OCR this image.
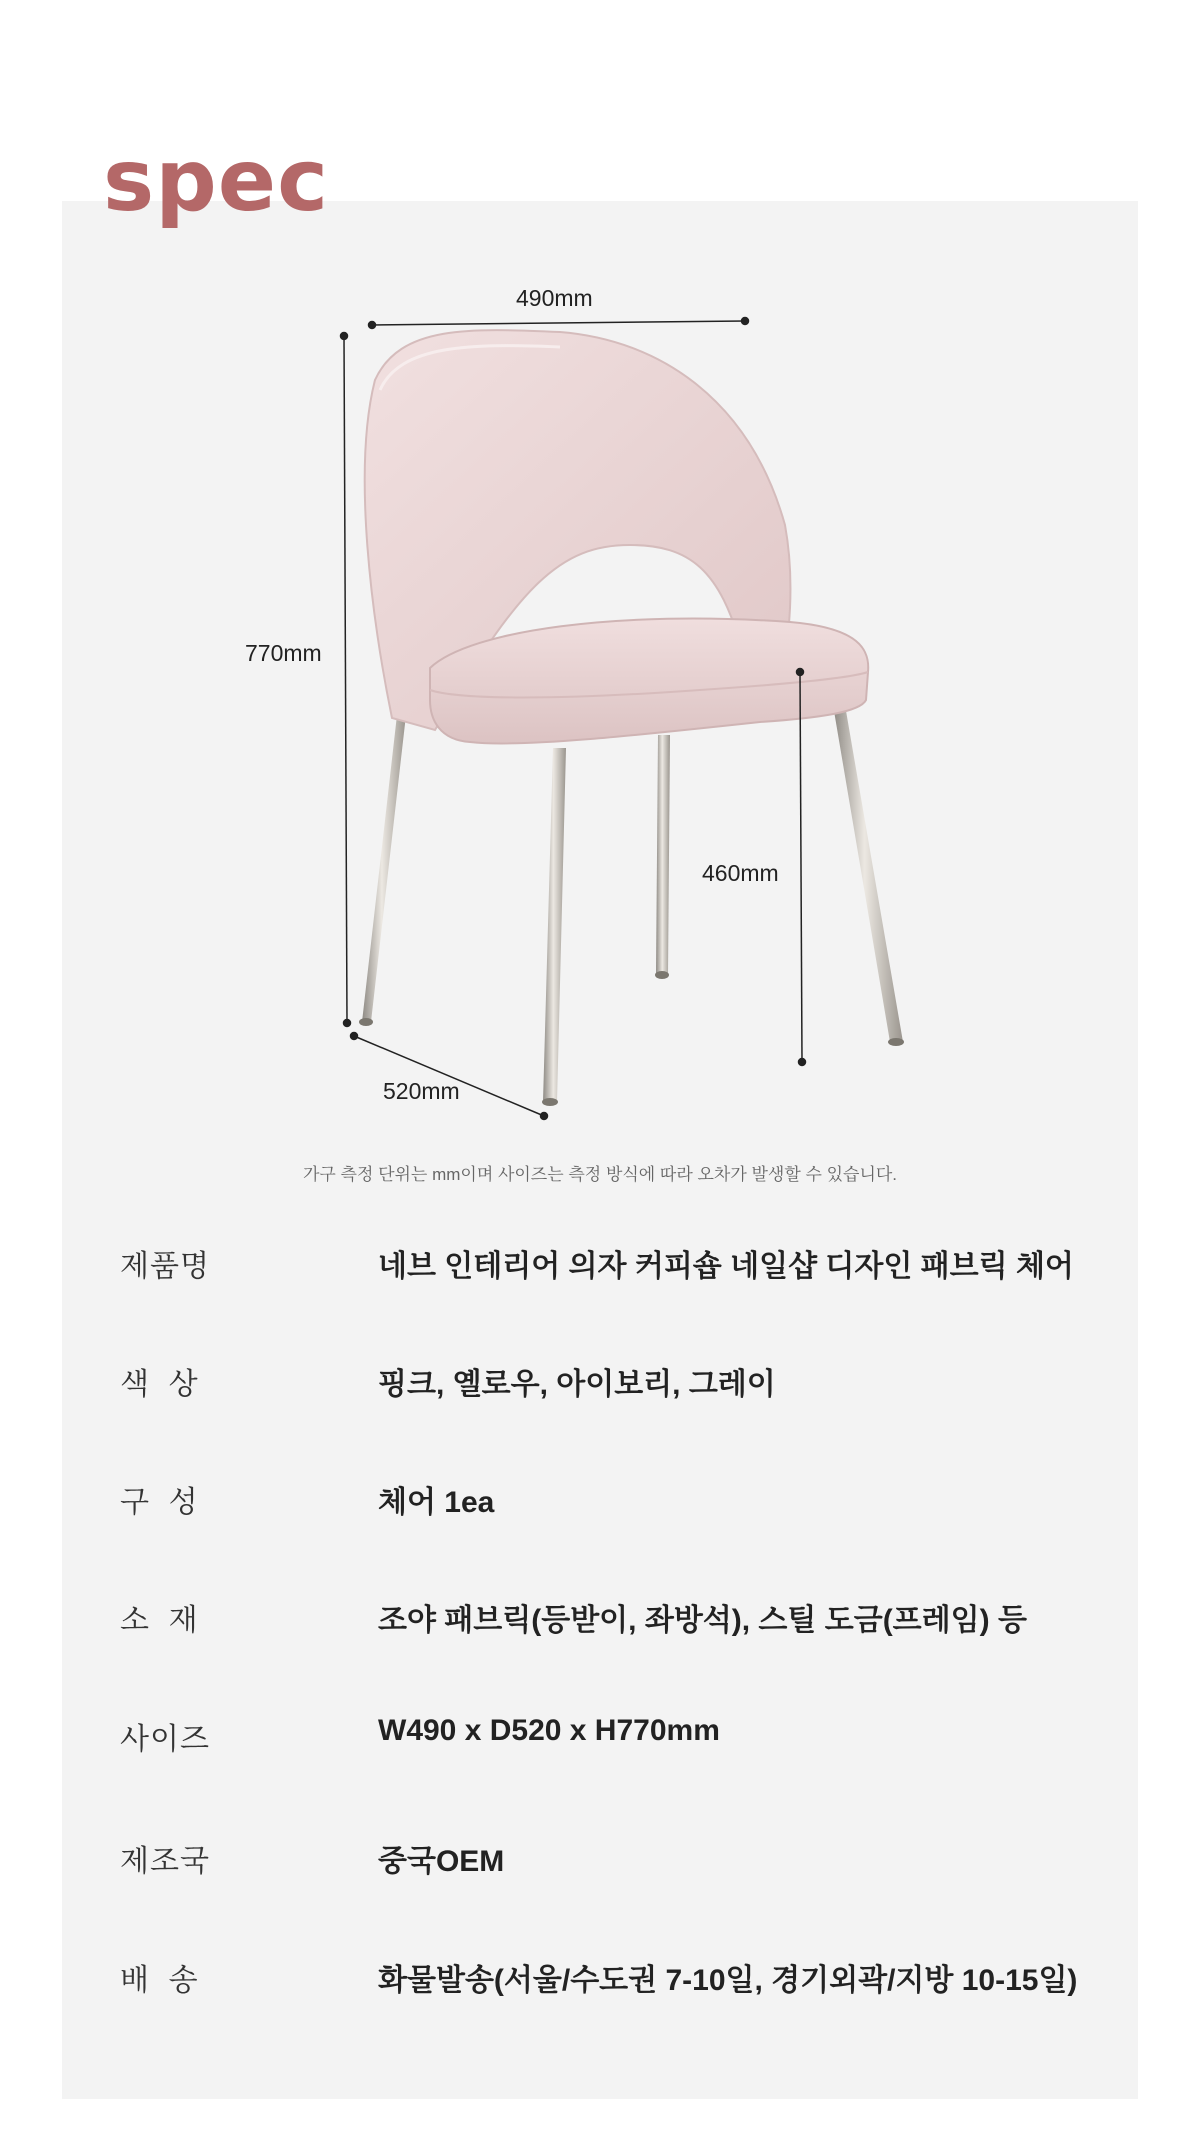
spec
490mm
770mm
460mm
520mm
가구 측정 단위는 mm이며 사이즈는 측정 방식에 따라 오차가 발생할 수 있습니다.
제품명	네브 인테리어 의자 커피숍 네일샵 디자인 패브릭 체어
색  상	핑크, 옐로우, 아이보리, 그레이
구  성	체어 1ea
소  재	조야 패브릭(등받이, 좌방석), 스틸 도금(프레임) 등
사이즈	W490 x D520 x H770mm
제조국	중국OEM
배  송	화물발송(서울/수도권 7-10일, 경기외곽/지방 10-15일)
